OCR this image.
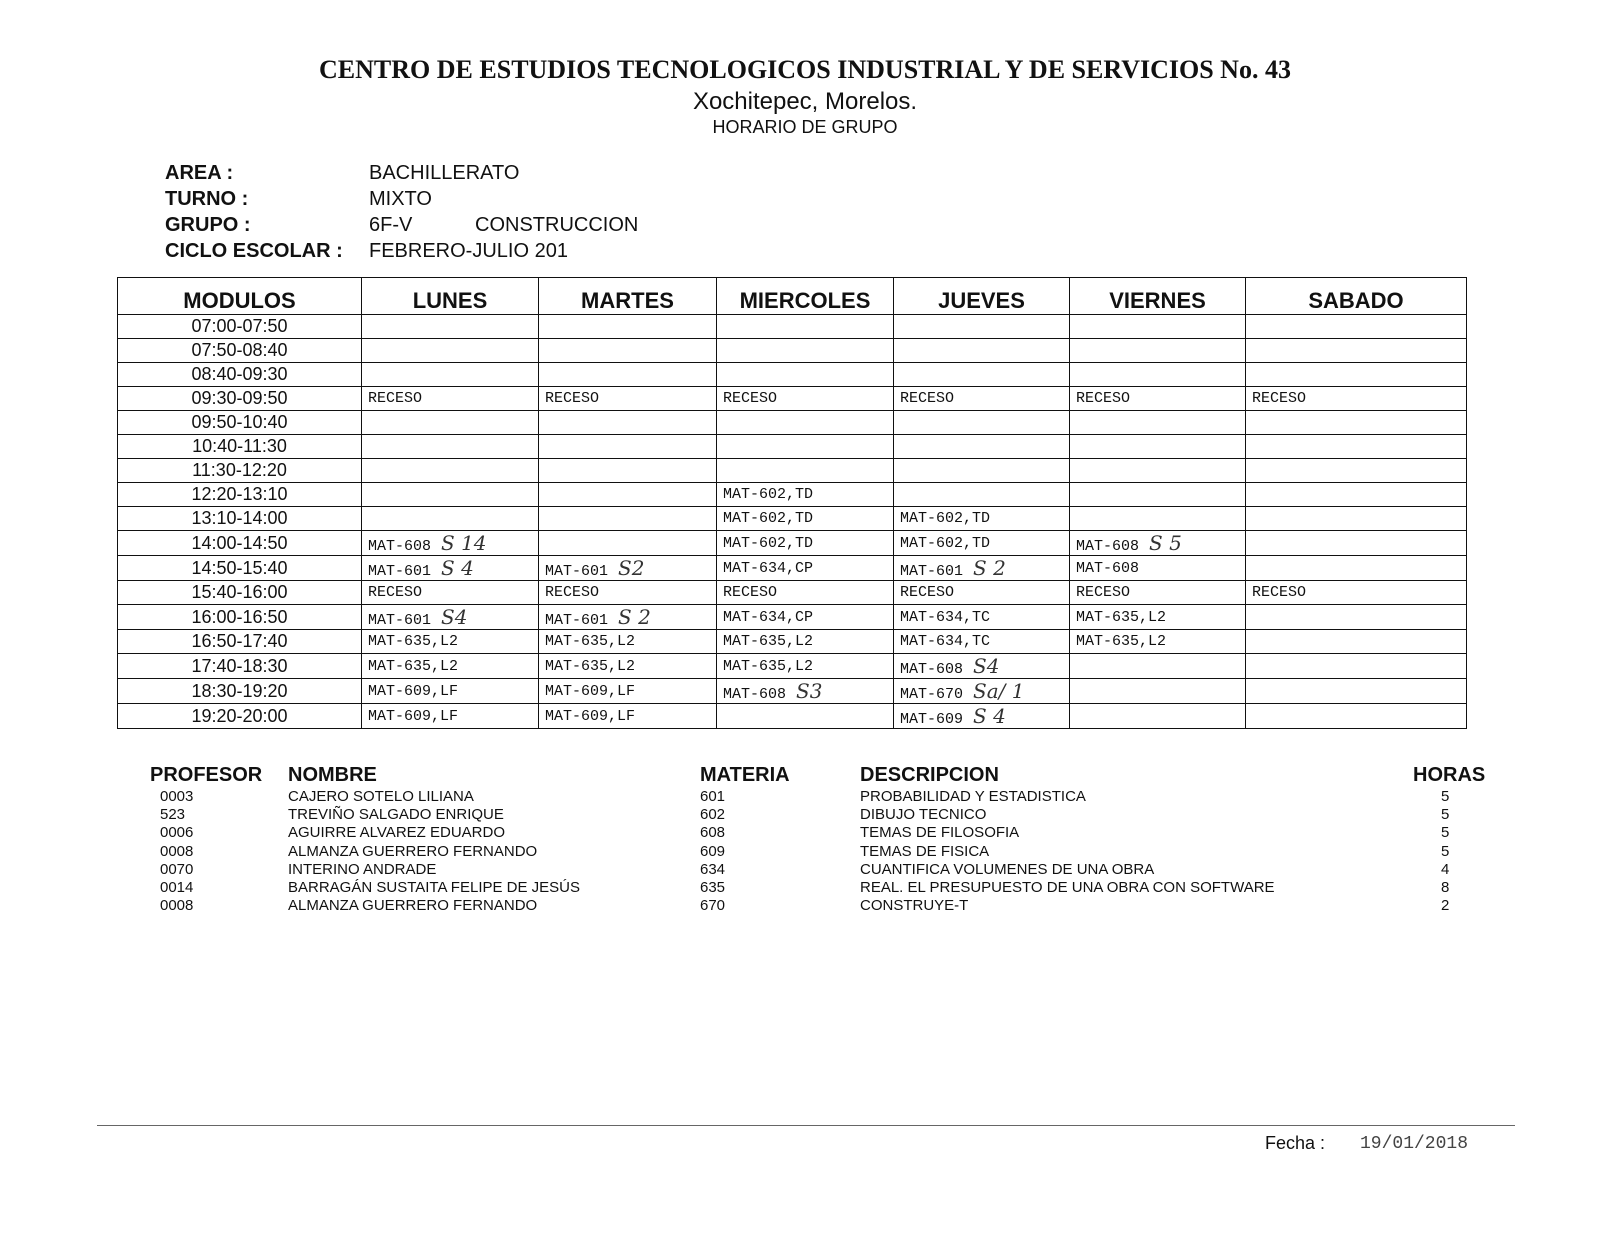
CENTRO DE ESTUDIOS TECNOLOGICOS INDUSTRIAL Y DE SERVICIOS No. 43
Xochitepec, Morelos.
HORARIO DE GRUPO
AREA :	BACHILLERATO
TURNO :	MIXTO
GRUPO :	6F-V	CONSTRUCCION
CICLO ESCOLAR : FEBRERO-JULIO 201
MODULOS	LUNES	MARTES	MIERCOLES	JUEVES	VIERNES	SABADO
07:00-07:50						
07:50-08:40						
08:40-09:30						
09:30-09:50	RECESO	RECESO	RECESO	RECESO	RECESO	RECESO
09:50-10:40						
10:40-11:30						
11:30-12:20						
12:20-13:10			MAT-602,TD			
13:10-14:00			MAT-602,TD	MAT-602,TD		
14:00-14:50	MAT-608 S 14		MAT-602,TD	MAT-602,TD	MAT-608 S 5	
14:50-15:40	MAT-601 S 4	MAT-601 S2	MAT-634,CP	MAT-601 S 2	MAT-608	
15:40-16:00	RECESO	RECESO	RECESO	RECESO	RECESO	RECESO
16:00-16:50	MAT-601 S4	MAT-601 S 2	MAT-634,CP	MAT-634,TC	MAT-635,L2	
16:50-17:40	MAT-635,L2	MAT-635,L2	MAT-635,L2	MAT-634,TC	MAT-635,L2	
17:40-18:30	MAT-635,L2	MAT-635,L2	MAT-635,L2	MAT-608 S4		
18:30-19:20	MAT-609,LF	MAT-609,LF	MAT-608 S3	MAT-670 Sa/ 1		
19:20-20:00	MAT-609,LF	MAT-609,LF		MAT-609 S 4		
PROFESOR NOMBRE	MATERIA	DESCRIPCION	HORAS
0003	CAJERO SOTELO LILIANA	601	PROBABILIDAD Y ESTADISTICA	5
523	TREVIÑO SALGADO ENRIQUE	602	DIBUJO TECNICO	5
0006	AGUIRRE ALVAREZ EDUARDO	608	TEMAS DE FILOSOFIA	5
0008	ALMANZA GUERRERO FERNANDO	609	TEMAS DE FISICA	5
0070	INTERINO ANDRADE	634	CUANTIFICA VOLUMENES DE UNA OBRA	4
0014	BARRAGÁN SUSTAITA FELIPE DE JESÚS	635	REAL. EL PRESUPUESTO DE UNA OBRA CON SOFTWARE	8
0008	ALMANZA GUERRERO FERNANDO	670	CONSTRUYE-T	2
Fecha : 19/01/2018
